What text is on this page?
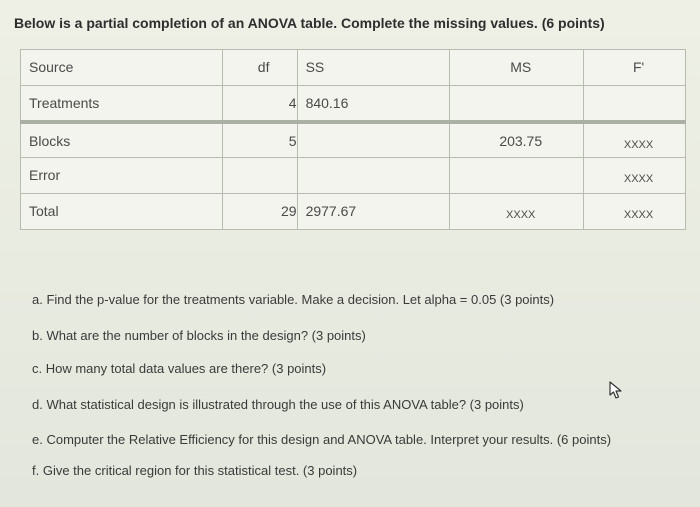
Below is a partial completion of an ANOVA table. Complete the missing values. (6 points)
Source	df	SS	MS	F'
Treatments	4	840.16		
Blocks	5		203.75	XXXX
Error				XXXX
Total	29	2977.67	XXXX	XXXX
a. Find the p-value for the treatments variable. Make a decision. Let alpha = 0.05 (3 points)
b. What are the number of blocks in the design? (3 points)
c. How many total data values are there? (3 points)
d. What statistical design is illustrated through the use of this ANOVA table? (3 points)
e. Computer the Relative Efficiency for this design and ANOVA table. Interpret your results. (6 points)
f. Give the critical region for this statistical test. (3 points)
